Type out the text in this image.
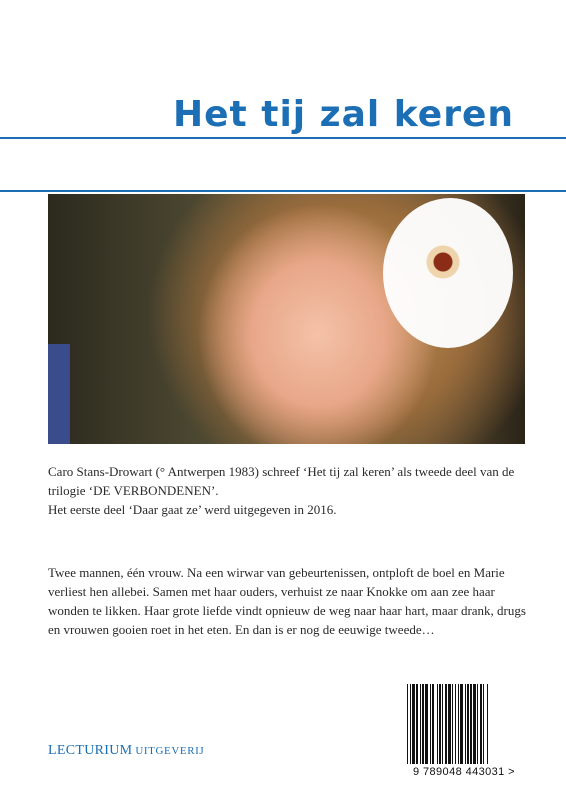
Het tij zal keren

Caro Stans-Drowart (° Antwerpen 1983) schreef ‘Het tij zal keren’ als tweede deel van de trilogie ‘DE VERBONDENEN’.

Het eerste deel ‘Daar gaat ze’ werd uitgegeven in 2016.

Twee mannen, één vrouw. Na een wirwar van gebeurtenissen, ontploft de boel en Marie verliest hen allebei. Samen met haar ouders, verhuist ze naar Knokke om aan zee haar wonden te likken. Haar grote liefde vindt opnieuw de weg naar haar hart, maar drank, drugs en vrouwen gooien roet in het eten. En dan is er nog de eeuwige tweede…

LECTURIUM UITGEVERIJ
9 789048 443031 >
